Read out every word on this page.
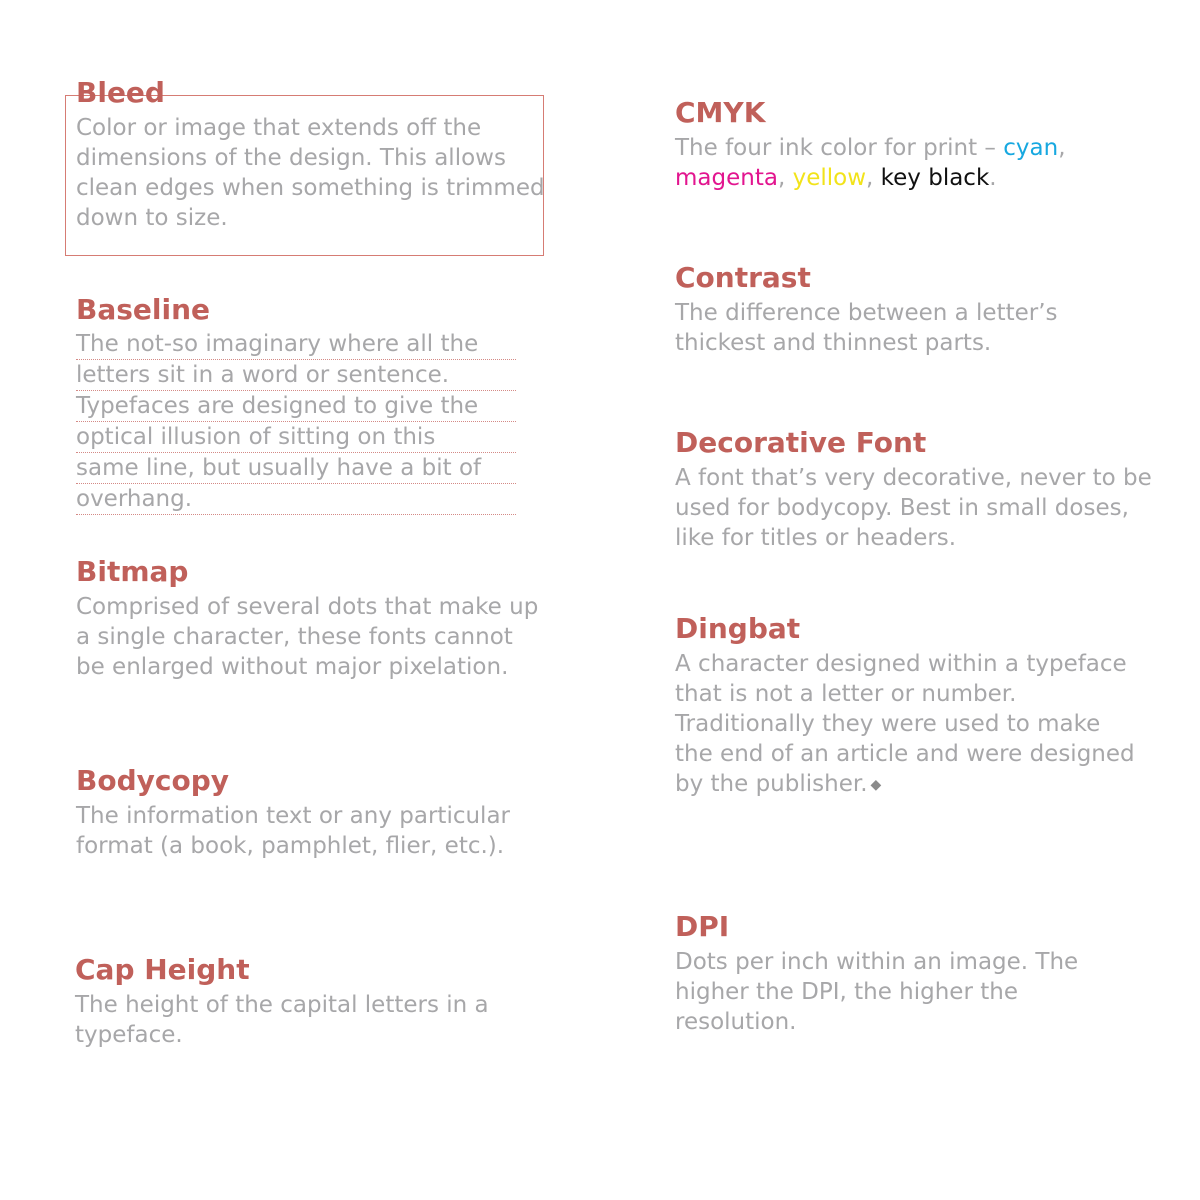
Bleed

Color or image that extends off the dimensions of the design. This allows clean edges when something is trimmed down to size.

Baseline

The not-so imaginary where all the
letters sit in a word or sentence.
Typefaces are designed to give the
optical illusion of sitting on this
same line, but usually have a bit of
overhang.

Bitmap

Comprised of several dots that make up a single character, these fonts cannot be enlarged without major pixelation.

Bodycopy

The information text or any particular format (a book, pamphlet, flier, etc.).

Cap Height

The height of the capital letters in a typeface.

CMYK

The four ink color for print – cyan, magenta, yellow, key black.

Contrast

The difference between a letter’s thickest and thinnest parts.

Decorative Font

A font that’s very decorative, never to be used for bodycopy. Best in small doses, like for titles or headers.

Dingbat

A character designed within a typeface that is not a letter or number. Traditionally they were used to make the end of an article and were designed by the publisher. ◆

DPI

Dots per inch within an image. The higher the DPI, the higher the resolution.
